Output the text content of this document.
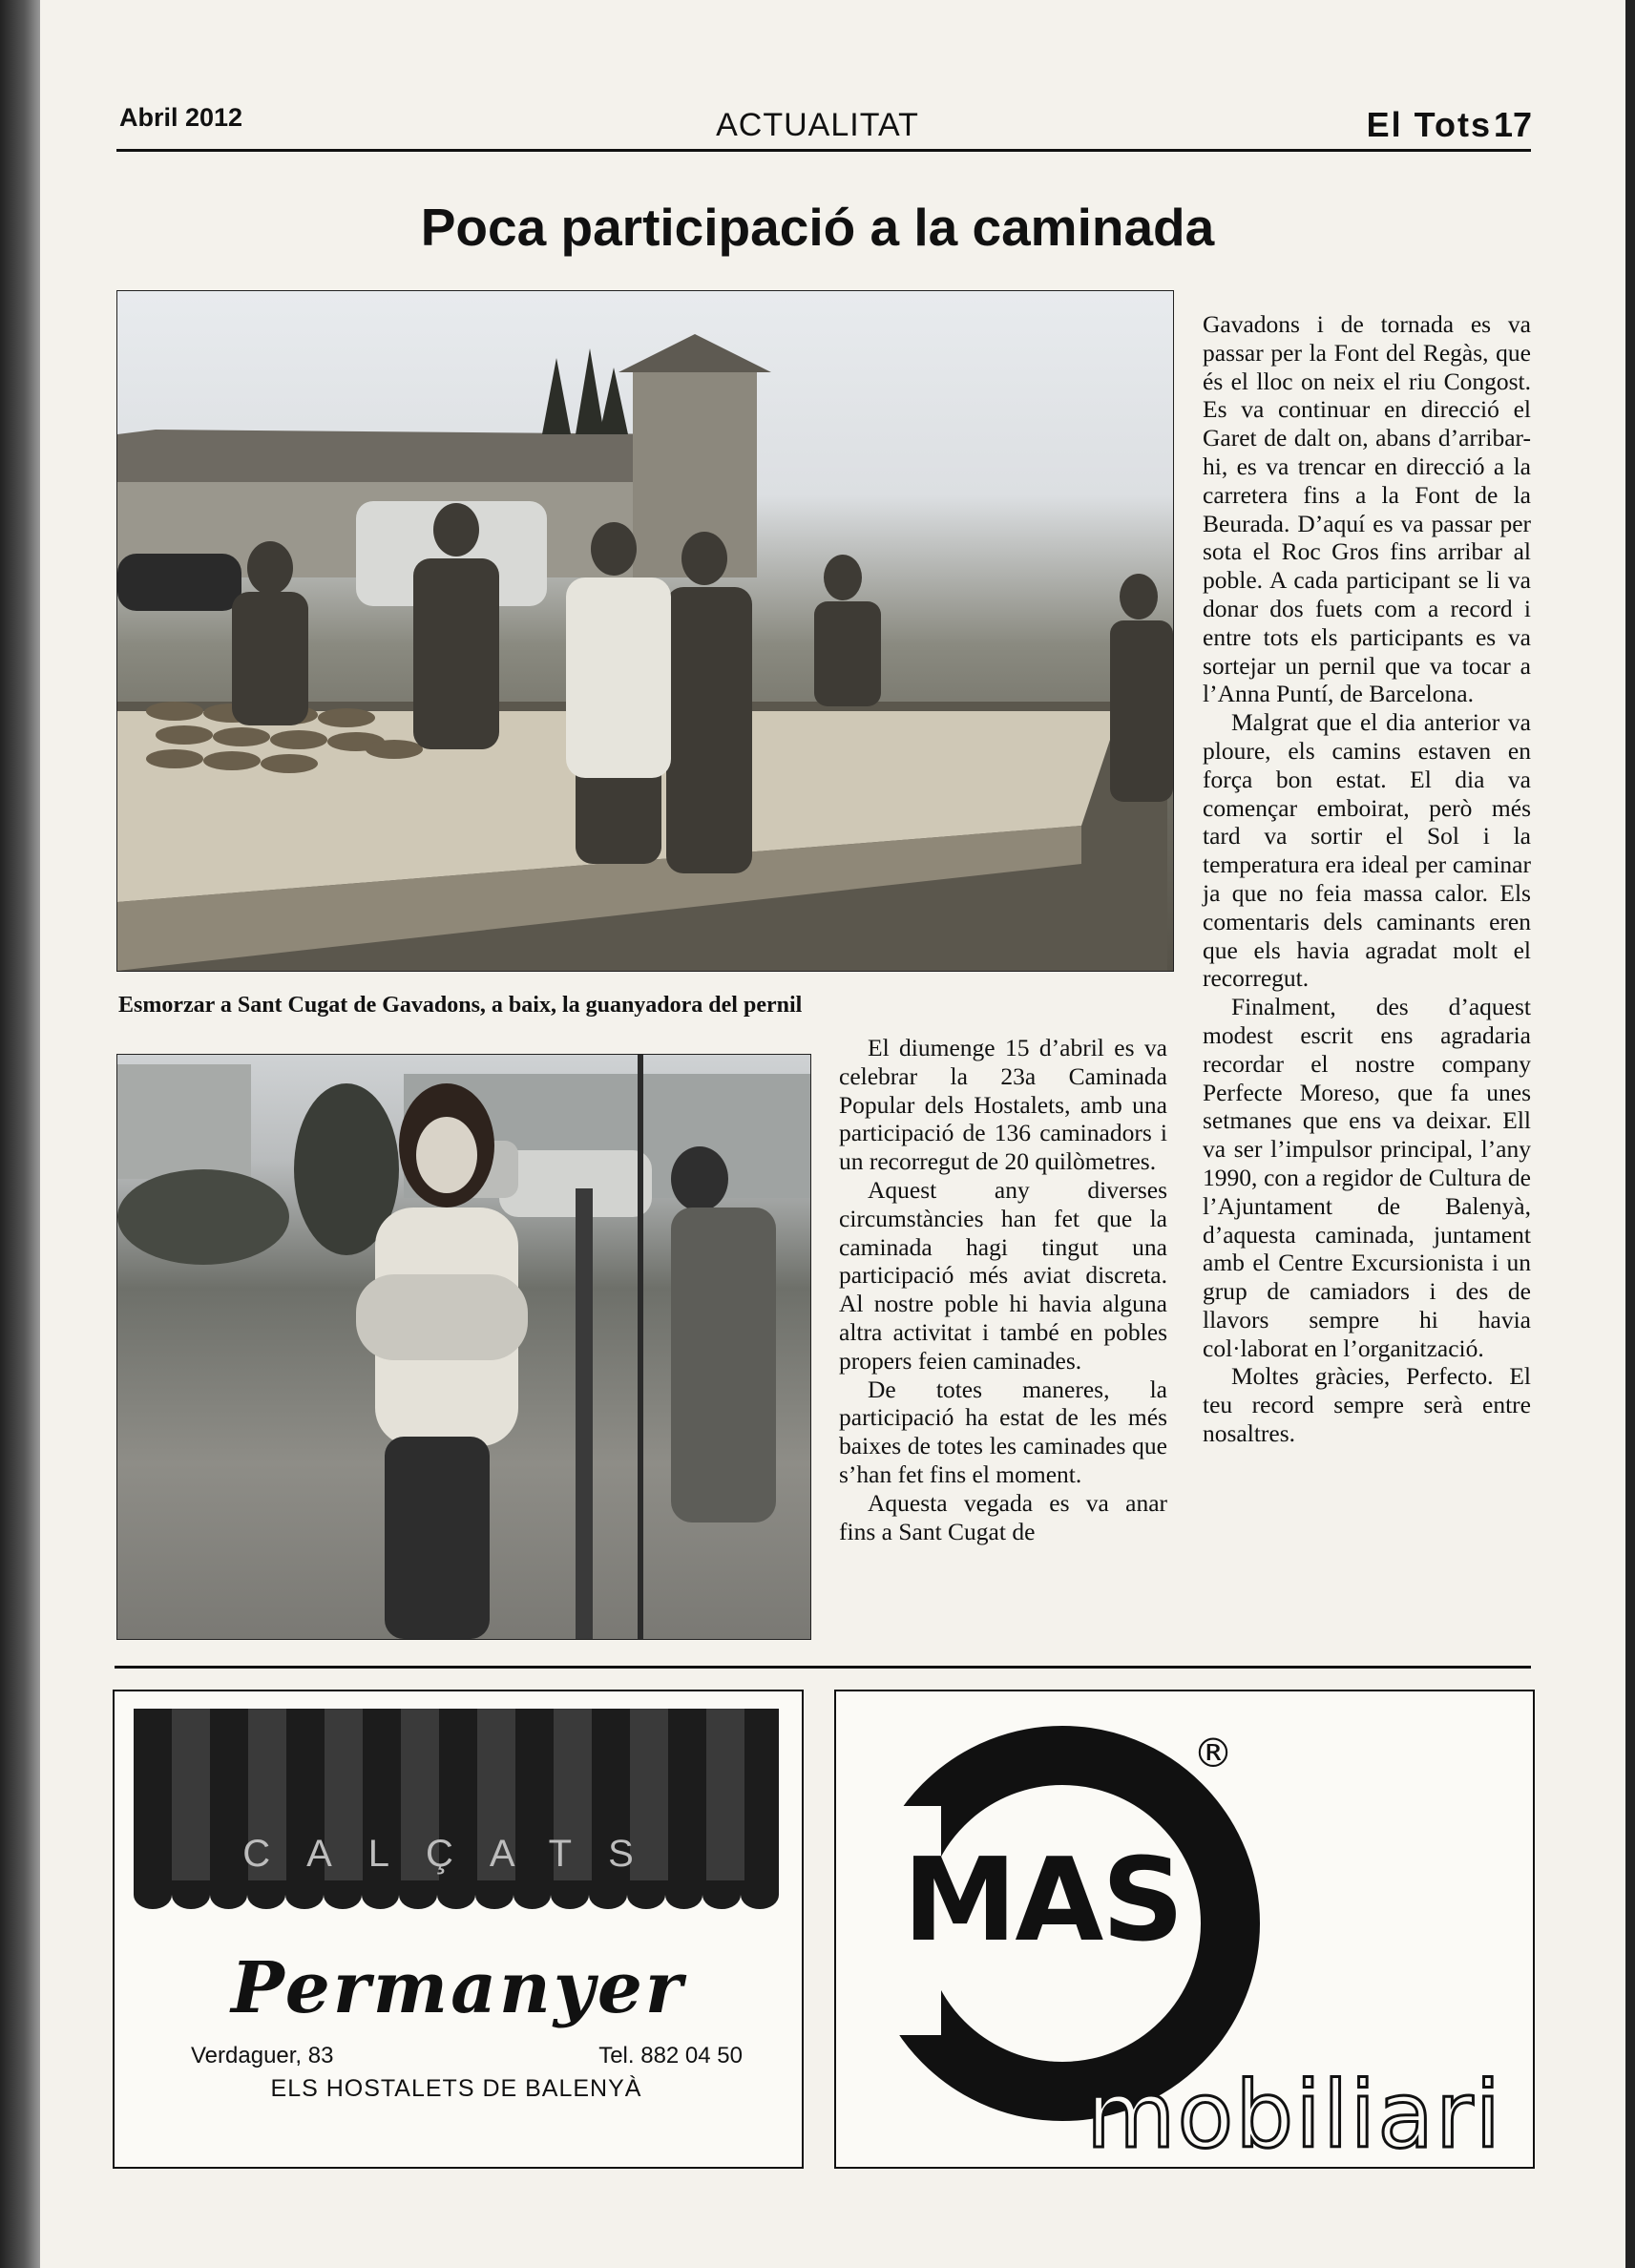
Abril 2012	ACTUALITAT	El Tots 17
Poca participació a la caminada
Esmorzar a Sant Cugat de Gavadons, a baix, la guanyadora del pernil

El diumenge 15 d’abril es va celebrar la 23a Caminada Popular dels Hostalets, amb una participació de 136 caminadors i un recorregut de 20 quilòmetres.

Aquest any diverses circumstàncies han fet que la caminada hagi tingut una participació més aviat discreta. Al nostre poble hi havia alguna altra activitat i també en pobles propers feien caminades.

De totes maneres, la participació ha estat de les més baixes de totes les caminades que s’han fet fins el moment.

Aquesta vegada es va anar fins a Sant Cugat de

Gavadons i de tornada es va passar per la Font del Regàs, que és el lloc on neix el riu Congost. Es va continuar en direcció el Garet de dalt on, abans d’arribar-hi, es va trencar en direcció a la carretera fins a la Font de la Beurada. D’aquí es va passar per sota el Roc Gros fins arribar al poble. A cada participant se li va donar dos fuets com a record i entre tots els participants es va sortejar un pernil que va tocar a l’Anna Puntí, de Barcelona.

Malgrat que el dia anterior va ploure, els camins estaven en força bon estat. El dia va començar emboirat, però més tard va sortir el Sol i la temperatura era ideal per caminar ja que no feia massa calor. Els comentaris dels caminants eren que els havia agradat molt el recorregut.

Finalment, des d’aquest modest escrit ens agradaria recordar el nostre company Perfecte Moreso, que fa unes setmanes que ens va deixar. Ell va ser l’impulsor principal, l’any 1990, con a regidor de Cultura de l’Ajuntament de Balenyà, d’aquesta caminada, juntament amb el Centre Excursionista i un grup de camiadors i des de llavors sempre hi havia col·laborat en l’organització.

Moltes gràcies, Perfecto. El teu record sempre serà entre nosaltres.

CALÇATS
Permanyer
Verdaguer, 83	Tel. 882 04 50
ELS HOSTALETS DE BALENYÀ
MAS
®
mobiliari
